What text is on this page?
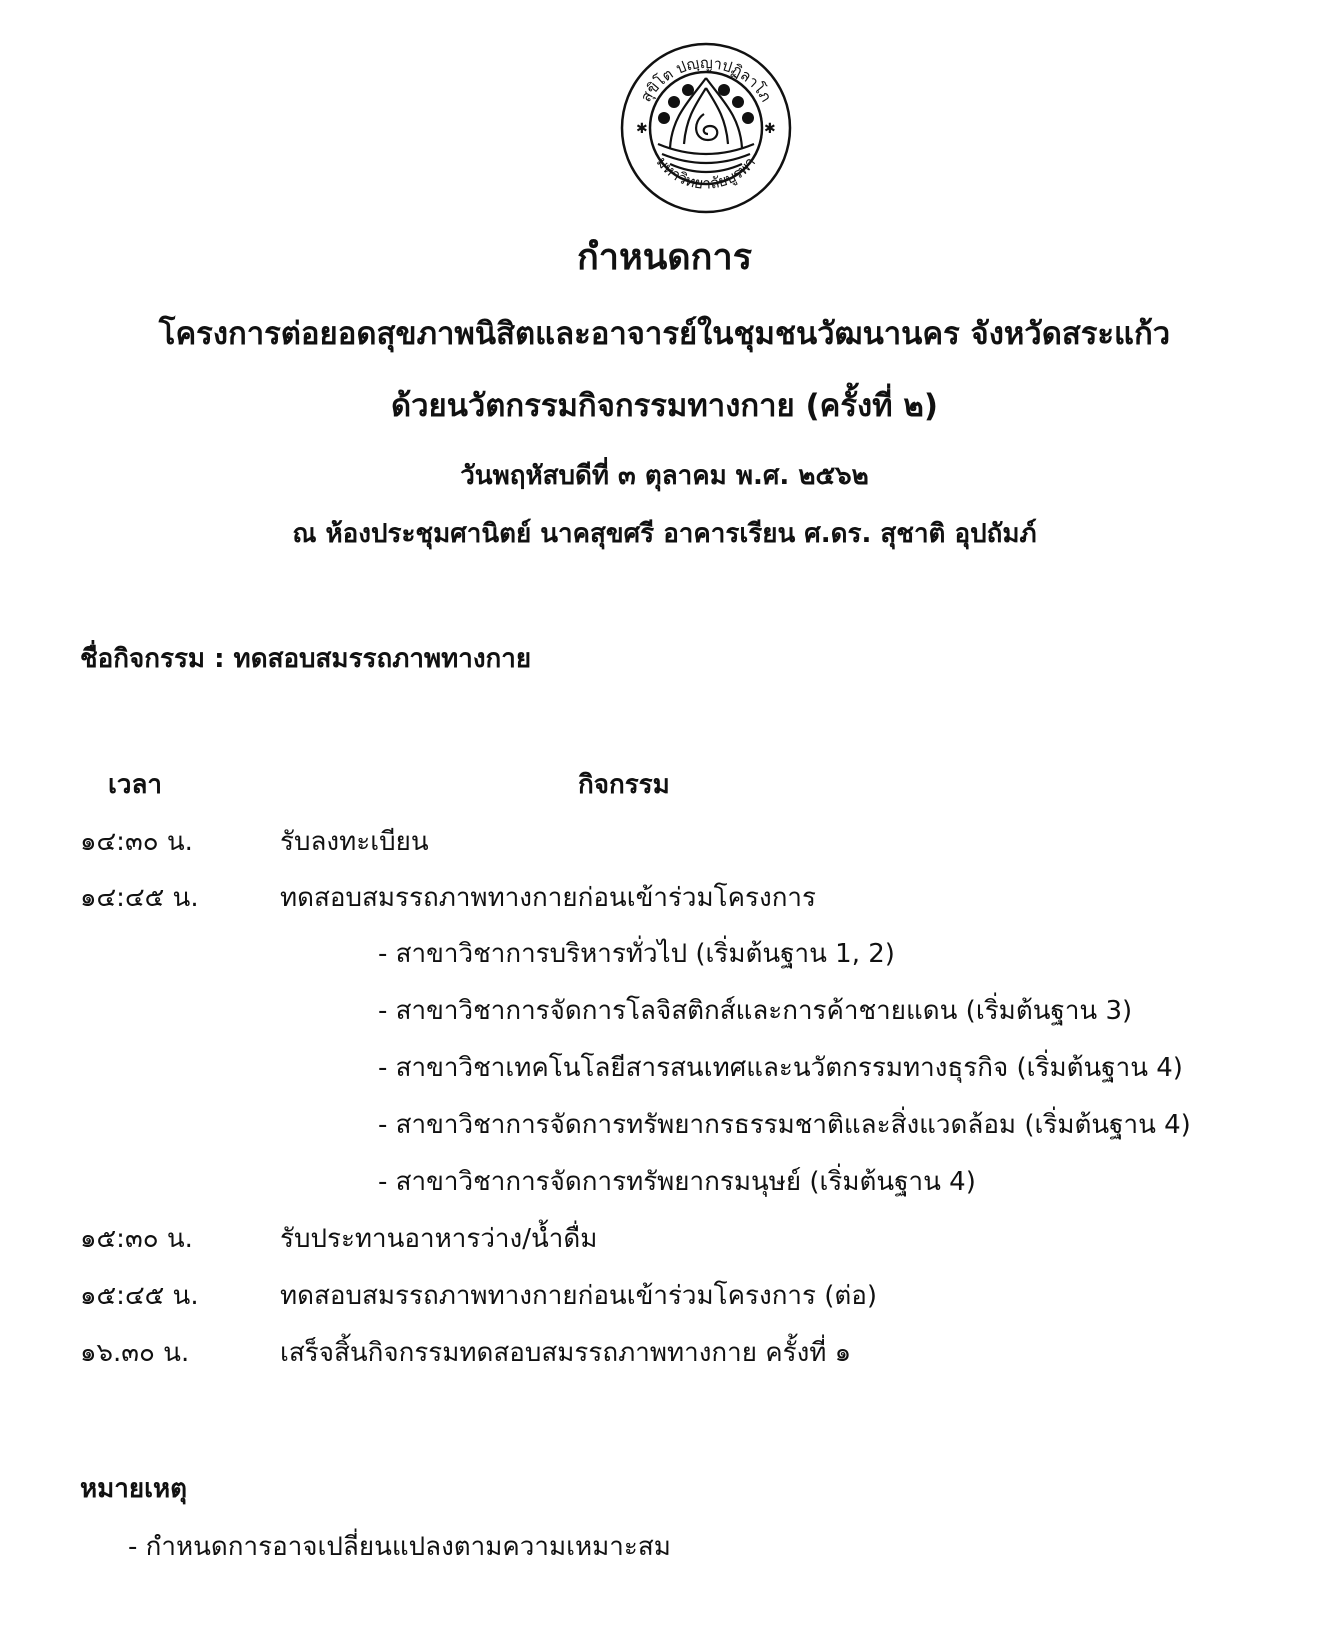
สุขิโต ปญฺญาปฏิลาโภ
มหาวิทยาลัยบูรพา
✱	✱
กำหนดการ
โครงการต่อยอดสุขภาพนิสิตและอาจารย์ในชุมชนวัฒนานคร จังหวัดสระแก้ว
ด้วยนวัตกรรมกิจกรรมทางกาย (ครั้งที่ ๒)
วันพฤหัสบดีที่ ๓ ตุลาคม พ.ศ. ๒๕๖๒
ณ ห้องประชุมศานิตย์ นาคสุขศรี อาคารเรียน ศ.ดร. สุชาติ อุปถัมภ์
ชื่อกิจกรรม : ทดสอบสมรรถภาพทางกาย
เวลา	กิจกรรม
๑๔:๓๐ น.	รับลงทะเบียน
๑๔:๔๕ น.	ทดสอบสมรรถภาพทางกายก่อนเข้าร่วมโครงการ
- สาขาวิชาการบริหารทั่วไป (เริ่มต้นฐาน 1, 2)
- สาขาวิชาการจัดการโลจิสติกส์และการค้าชายแดน (เริ่มต้นฐาน 3)
- สาขาวิชาเทคโนโลยีสารสนเทศและนวัตกรรมทางธุรกิจ (เริ่มต้นฐาน 4)
- สาขาวิชาการจัดการทรัพยากรธรรมชาติและสิ่งแวดล้อม (เริ่มต้นฐาน 4)
- สาขาวิชาการจัดการทรัพยากรมนุษย์ (เริ่มต้นฐาน 4)
๑๕:๓๐ น.	รับประทานอาหารว่าง/น้ำดื่ม
๑๕:๔๕ น.	ทดสอบสมรรถภาพทางกายก่อนเข้าร่วมโครงการ (ต่อ)
๑๖.๓๐ น.	เสร็จสิ้นกิจกรรมทดสอบสมรรถภาพทางกาย ครั้งที่ ๑
หมายเหตุ
- กำหนดการอาจเปลี่ยนแปลงตามความเหมาะสม
